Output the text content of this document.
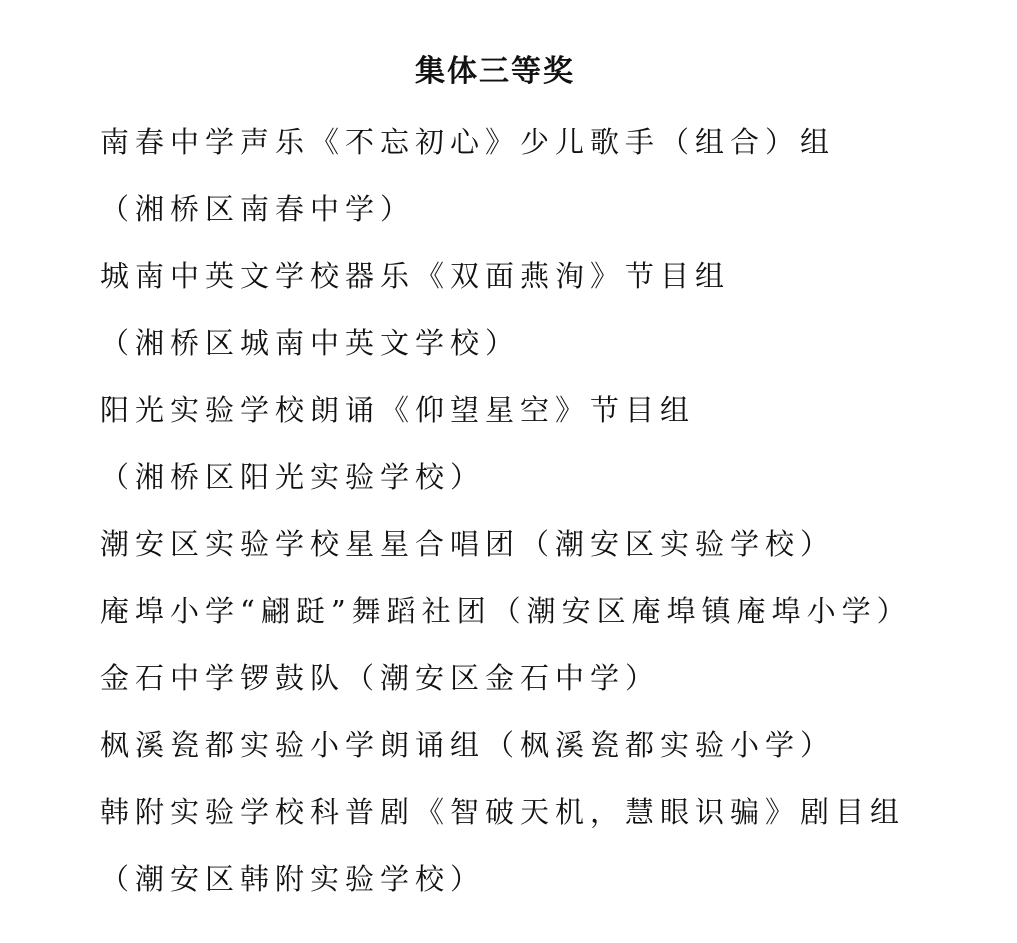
集体三等奖
南春中学声乐《不忘初心》少儿歌手（组合）组
（湘桥区南春中学）
城南中英文学校器乐《双面燕洵》节目组
（湘桥区城南中英文学校）
阳光实验学校朗诵《仰望星空》节目组
（湘桥区阳光实验学校）
潮安区实验学校星星合唱团（潮安区实验学校）
庵埠小学“翩跹”舞蹈社团（潮安区庵埠镇庵埠小学）
金石中学锣鼓队（潮安区金石中学）
枫溪瓷都实验小学朗诵组（枫溪瓷都实验小学）
韩附实验学校科普剧《智破天机，慧眼识骗》剧目组
（潮安区韩附实验学校）
